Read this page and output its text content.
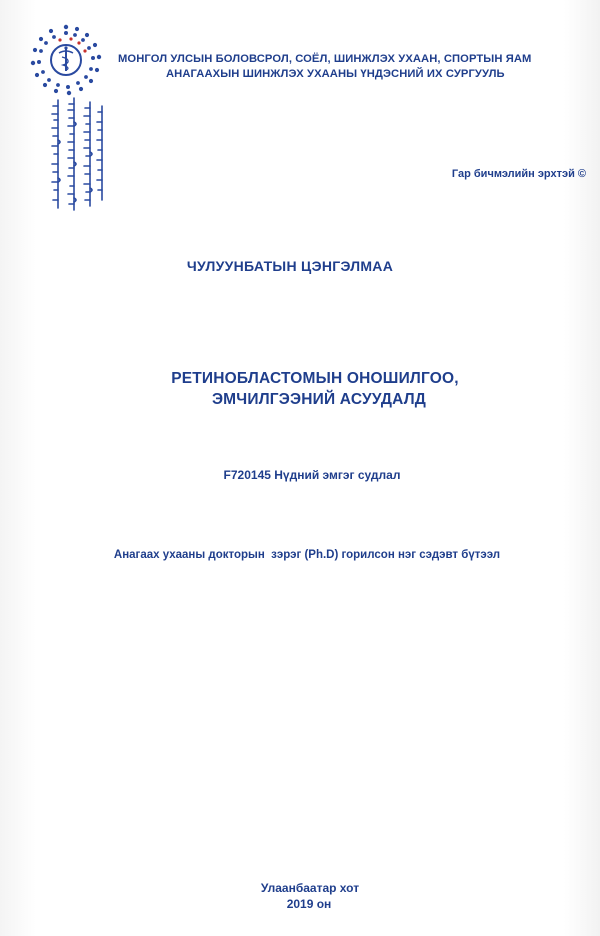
МОНГОЛ УЛСЫН БОЛОВСРОЛ, СОЁЛ, ШИНЖЛЭХ УХААН, СПОРТЫН ЯАМ
АНАГААХЫН ШИНЖЛЭХ УХААНЫ ҮНДЭСНИЙ ИХ СУРГУУЛЬ
Гар бичмэлийн эрхтэй ©
ЧУЛУУНБАТЫН ЦЭНГЭЛМАА
РЕТИНОБЛАСТОМЫН ОНОШИЛГОО,
ЭМЧИЛГЭЭНИЙ АСУУДАЛД
F720145 Нүдний эмгэг судлал
Анагаах ухааны докторын  зэрэг (Ph.D) горилсон нэг сэдэвт бүтээл
Улаанбаатар хот
2019 он
